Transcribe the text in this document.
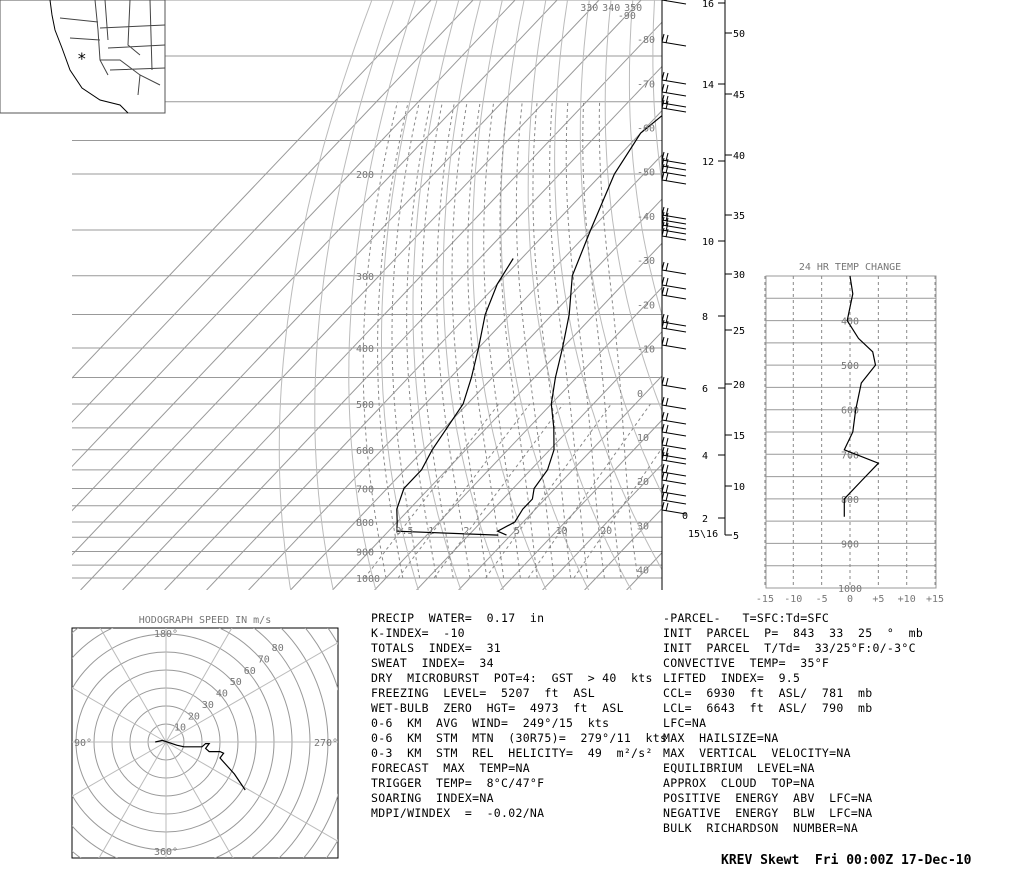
200
300
400
500
600
700
800
900
1000
-90
-80
-70
-60
-50
-40
-30
-20
-10
0
10
20
30
40
330 340 350
0.5 1	2	5	10	20
16
14
12
10
8
6
4
2
50
45
40
35
30
25
20
15
10
5
0
15\16
*
24 HR TEMP CHANGE
-15 -10 -5 0 +5 +10 +15
400
500
600
700
800
900
1000
HODOGRAPH SPEED IN m/s
10
20
30
40
50
60
70
80
180°
360°
90°	270°
PRECIP  WATER=  0.17  in
K-INDEX=  -10
TOTALS  INDEX=  31
SWEAT  INDEX=  34
DRY  MICROBURST  POT=4:  GST  > 40  kts
FREEZING  LEVEL=  5207  ft  ASL
WET-BULB  ZERO  HGT=  4973  ft  ASL
0-6  KM  AVG  WIND=  249°/15  kts
0-6  KM  STM  MTN  (30R75)=  279°/11  kts
0-3  KM  STM  REL  HELICITY=  49  m²/s²
FORECAST  MAX  TEMP=NA
TRIGGER  TEMP=  8°C/47°F
SOARING  INDEX=NA
MDPI/WINDEX  =  -0.02/NA
-PARCEL-   T=SFC:Td=SFC
INIT  PARCEL  P=  843  33  25  °  mb
INIT  PARCEL  T/Td=  33/25°F:0/-3°C
CONVECTIVE  TEMP=  35°F
LIFTED  INDEX=  9.5
CCL=  6930  ft  ASL/  781  mb
LCL=  6643  ft  ASL/  790  mb
LFC=NA
MAX  HAILSIZE=NA
MAX  VERTICAL  VELOCITY=NA
EQUILIBRIUM  LEVEL=NA
APPROX  CLOUD  TOP=NA
POSITIVE  ENERGY  ABV  LFC=NA
NEGATIVE  ENERGY  BLW  LFC=NA
BULK  RICHARDSON  NUMBER=NA
KREV Skewt  Fri 00:00Z 17-Dec-10
